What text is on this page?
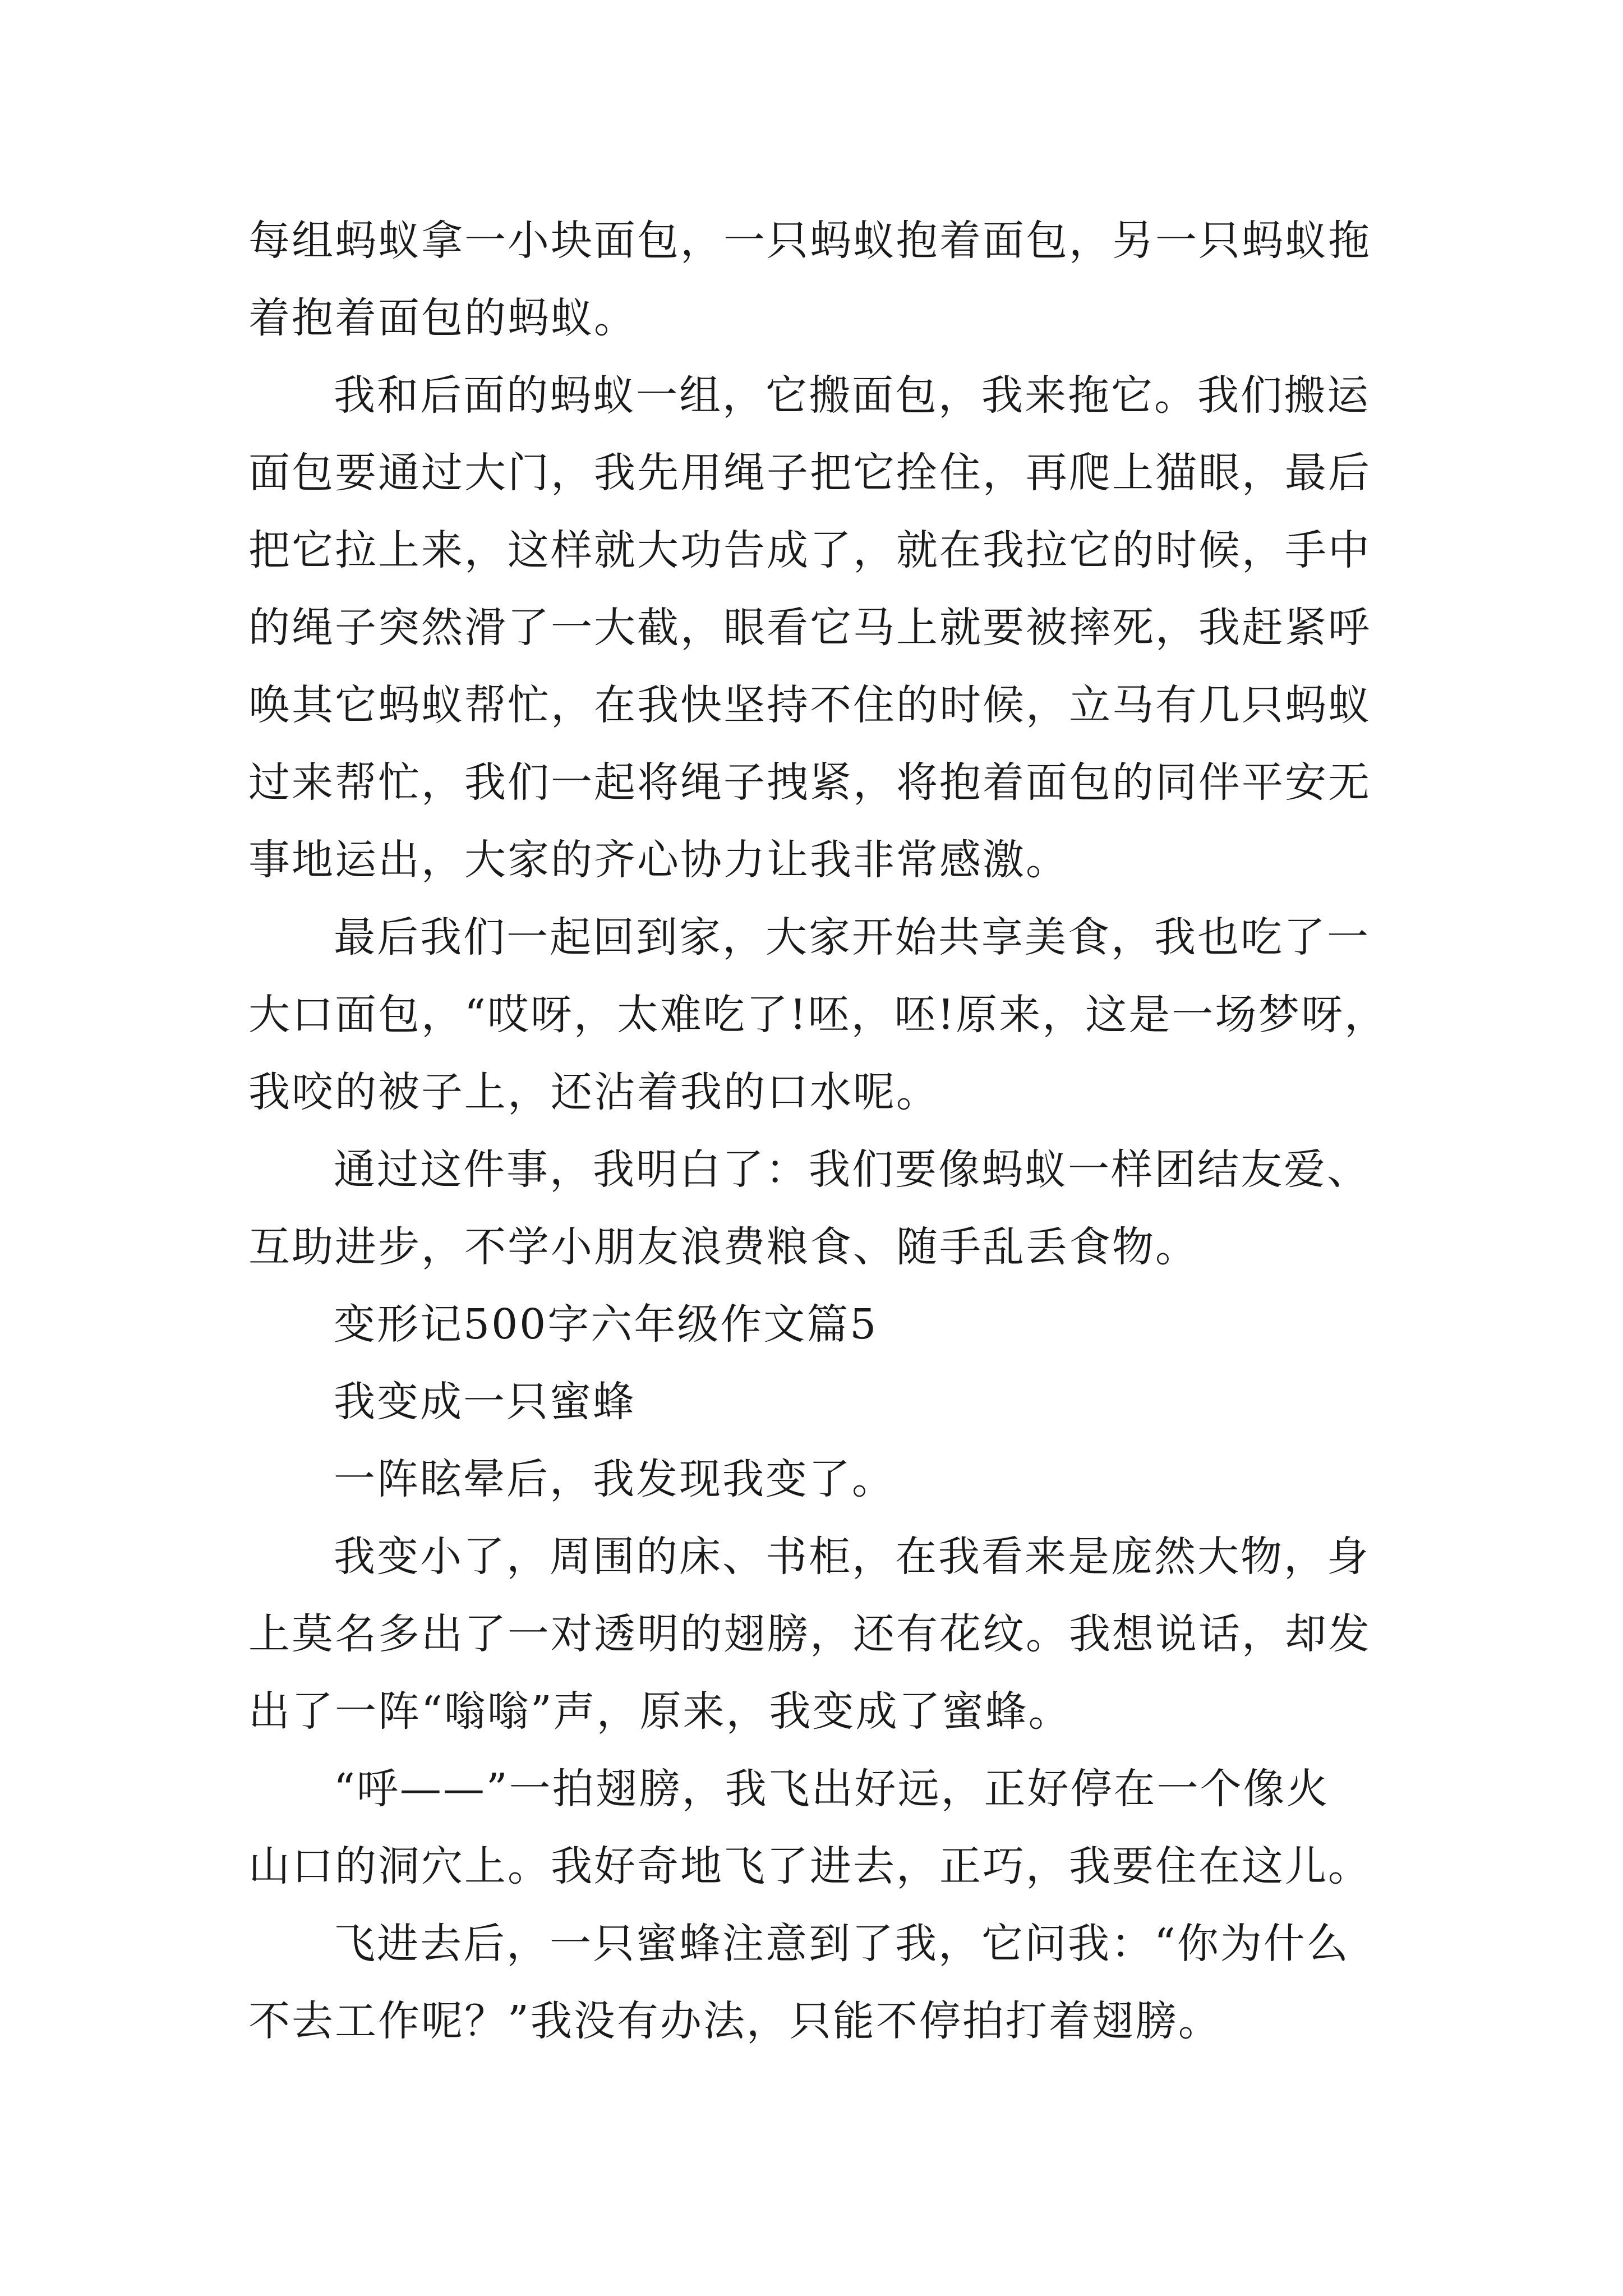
每组蚂蚁拿一小块面包，一只蚂蚁抱着面包，另一只蚂蚁拖
着抱着面包的蚂蚁。
我和后面的蚂蚁一组，它搬面包，我来拖它。我们搬运
面包要通过大门，我先用绳子把它拴住，再爬上猫眼，最后
把它拉上来，这样就大功告成了，就在我拉它的时候，手中
的绳子突然滑了一大截，眼看它马上就要被摔死，我赶紧呼
唤其它蚂蚁帮忙，在我快坚持不住的时候，立马有几只蚂蚁
过来帮忙，我们一起将绳子拽紧，将抱着面包的同伴平安无
事地运出，大家的齐心协力让我非常感激。
最后我们一起回到家，大家开始共享美食，我也吃了一
大口面包，“哎呀，太难吃了!呸，呸!原来，这是一场梦呀，
我咬的被子上，还沾着我的口水呢。
通过这件事，我明白了：我们要像蚂蚁一样团结友爱、
互助进步，不学小朋友浪费粮食、随手乱丢食物。
变形记500字六年级作文篇5
我变成一只蜜蜂
一阵眩晕后，我发现我变了。
我变小了，周围的床、书柜，在我看来是庞然大物，身
上莫名多出了一对透明的翅膀，还有花纹。我想说话，却发
出了一阵“嗡嗡”声，原来，我变成了蜜蜂。
“呼——”一拍翅膀，我飞出好远，正好停在一个像火
山口的洞穴上。我好奇地飞了进去，正巧，我要住在这儿。
飞进去后，一只蜜蜂注意到了我，它问我：“你为什么
不去工作呢？”我没有办法，只能不停拍打着翅膀。
